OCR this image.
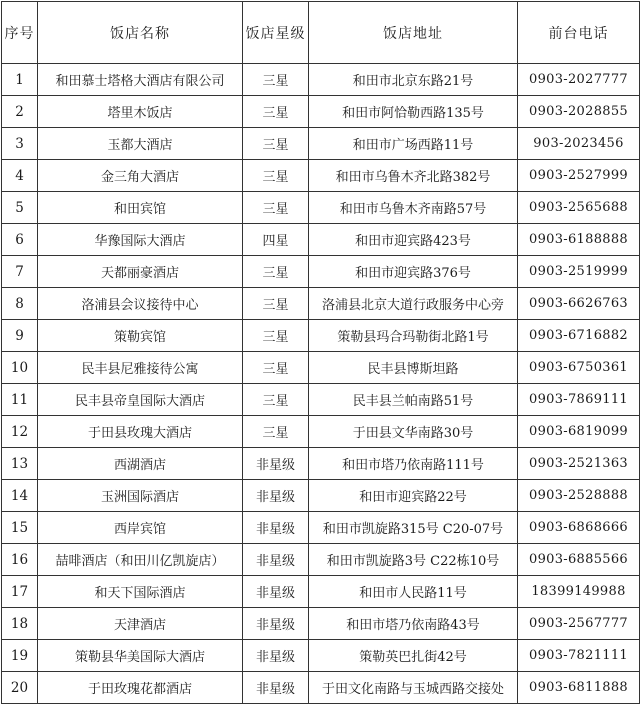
序号	饭店名称	饭店星级	饭店地址	前台电话
1	和田慕士塔格大酒店有限公司	三星	和田市北京东路21号	0903-2027777
2	塔里木饭店	三星	和田市阿恰勒西路135号	0903-2028855
3	玉都大酒店	三星	和田市广场西路11号	903-2023456
4	金三角大酒店	三星	和田市乌鲁木齐北路382号	0903-2527999
5	和田宾馆	三星	和田市乌鲁木齐南路57号	0903-2565688
6	华豫国际大酒店	四星	和田市迎宾路423号	0903-6188888
7	天都丽豪酒店	三星	和田市迎宾路376号	0903-2519999
8	洛浦县会议接待中心	三星	洛浦县北京大道行政服务中心旁	0903-6626763
9	策勒宾馆	三星	策勒县玛合玛勒街北路1号	0903-6716882
10	民丰县尼雅接待公寓	三星	民丰县博斯坦路	0903-6750361
11	民丰县帝皇国际大酒店	三星	民丰县兰帕南路51号	0903-7869111
12	于田县玫瑰大酒店	三星	于田县文华南路30号	0903-6819099
13	西湖酒店	非星级	和田市塔乃依南路111号	0903-2521363
14	玉洲国际酒店	非星级	和田市迎宾路22号	0903-2528888
15	西岸宾馆	非星级	和田市凯旋路315号 C20-07号	0903-6868666
16	喆啡酒店（和田川亿凯旋店）	非星级	和田市凯旋路3号 C22栋10号	0903-6885566
17	和天下国际酒店	非星级	和田市人民路11号	18399149988
18	天津酒店	非星级	和田市塔乃依南路43号	0903-2567777
19	策勒县华美国际大酒店	非星级	策勒英巴扎街42号	0903-7821111
20	于田玫瑰花都酒店	非星级	于田文化南路与玉城西路交接处	0903-6811888
